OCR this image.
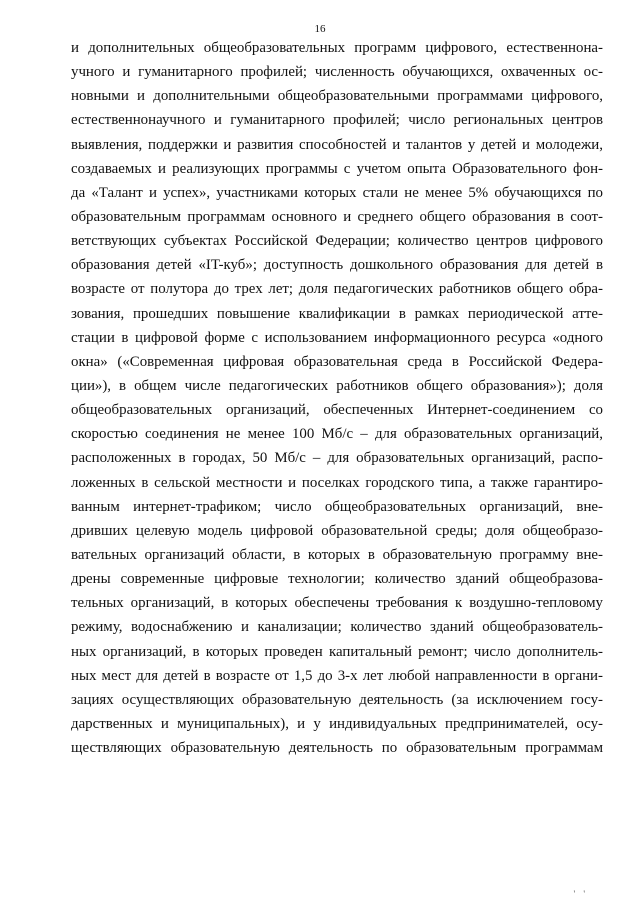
16
и дополнительных общеобразовательных программ цифрового, естественнона-
учного и гуманитарного профилей; численность обучающихся, охваченных ос-
новными и дополнительными общеобразовательными программами цифрового,
естественнонаучного и гуманитарного профилей; число региональных центров
выявления, поддержки и развития способностей и талантов у детей и молодежи,
создаваемых и реализующих программы с учетом опыта Образовательного фон-
да «Талант и успех», участниками которых стали не менее 5% обучающихся по
образовательным программам основного и среднего общего образования в соот-
ветствующих субъектах Российской Федерации; количество центров цифрового
образования детей «IT-куб»; доступность дошкольного образования для детей в
возрасте от полутора до трех лет; доля педагогических работников общего обра-
зования, прошедших повышение квалификации в рамках периодической атте-
стации в цифровой форме с использованием информационного ресурса «одного
окна» («Современная цифровая образовательная среда в Российской Федера-
ции»), в общем числе педагогических работников общего образования»); доля
общеобразовательных организаций, обеспеченных Интернет-соединением со
скоростью соединения не менее 100 Мб/с – для образовательных организаций,
расположенных в городах, 50 Мб/с – для образовательных организаций, распо-
ложенных в сельской местности и поселках городского типа, а также гарантиро-
ванным интернет-трафиком; число общеобразовательных организаций, вне-
дривших целевую модель цифровой образовательной среды; доля общеобразо-
вательных организаций области, в которых в образовательную программу вне-
дрены современные цифровые технологии; количество зданий общеобразова-
тельных организаций, в которых обеспечены требования к воздушно-тепловому
режиму, водоснабжению и канализации; количество зданий общеобразователь-
ных организаций, в которых проведен капитальный ремонт; число дополнитель-
ных мест для детей в возрасте от 1,5 до 3-х лет любой направленности в органи-
зациях осуществляющих образовательную деятельность (за исключением госу-
дарственных и муниципальных), и у индивидуальных предпринимателей, осу-
ществляющих образовательную деятельность по образовательным программам
' '
